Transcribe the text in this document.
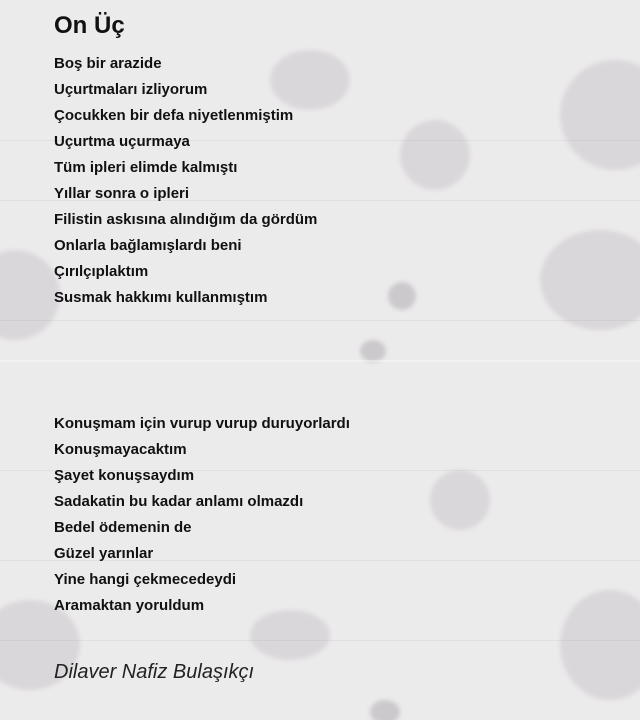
On Üç
Boş bir arazide
Uçurtmaları izliyorum
Çocukken bir defa niyetlenmiştim
Uçurtma uçurmaya
Tüm ipleri elimde kalmıştı
Yıllar sonra o ipleri
Filistin askısına alındığım da gördüm
Onlarla bağlamışlardı beni
Çırılçıplaktım
Susmak hakkımı kullanmıştım
Konuşmam için vurup vurup duruyorlardı
Konuşmayacaktım
Şayet konuşsaydım
Sadakatin bu kadar anlamı olmazdı
Bedel ödemenin de
Güzel yarınlar
Yine hangi çekmecedeydi
Aramaktan yoruldum

Dilaver Nafiz Bulaşıkçı
